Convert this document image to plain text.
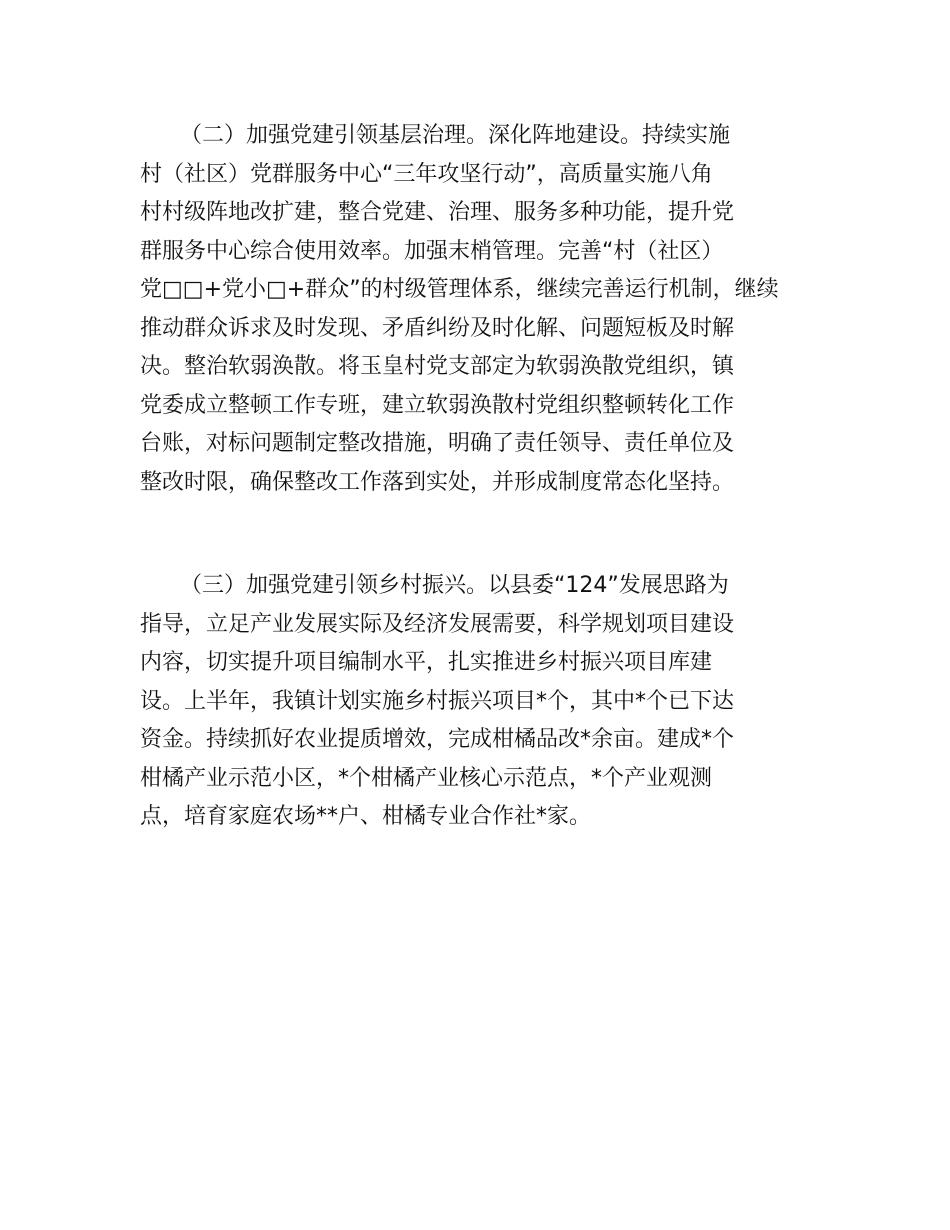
（二）加强党建引领基层治理。深化阵地建设。持续实施
村（社区）党群服务中心“三年攻坚行动”，高质量实施八角
村村级阵地改扩建，整合党建、治理、服务多种功能，提升党
群服务中心综合使用效率。加强末梢管理。完善“村（社区）
党□□+党小□+群众”的村级管理体系，继续完善运行机制，继续
推动群众诉求及时发现、矛盾纠纷及时化解、问题短板及时解
决。整治软弱涣散。将玉皇村党支部定为软弱涣散党组织，镇
党委成立整顿工作专班，建立软弱涣散村党组织整顿转化工作
台账，对标问题制定整改措施，明确了责任领导、责任单位及
整改时限，确保整改工作落到实处，并形成制度常态化坚持。
（三）加强党建引领乡村振兴。以县委“124”发展思路为
指导，立足产业发展实际及经济发展需要，科学规划项目建设
内容，切实提升项目编制水平，扎实推进乡村振兴项目库建
设。上半年，我镇计划实施乡村振兴项目*个，其中*个已下达
资金。持续抓好农业提质增效，完成柑橘品改*余亩。建成*个
柑橘产业示范小区，*个柑橘产业核心示范点，*个产业观测
点，培育家庭农场**户、柑橘专业合作社*家。
